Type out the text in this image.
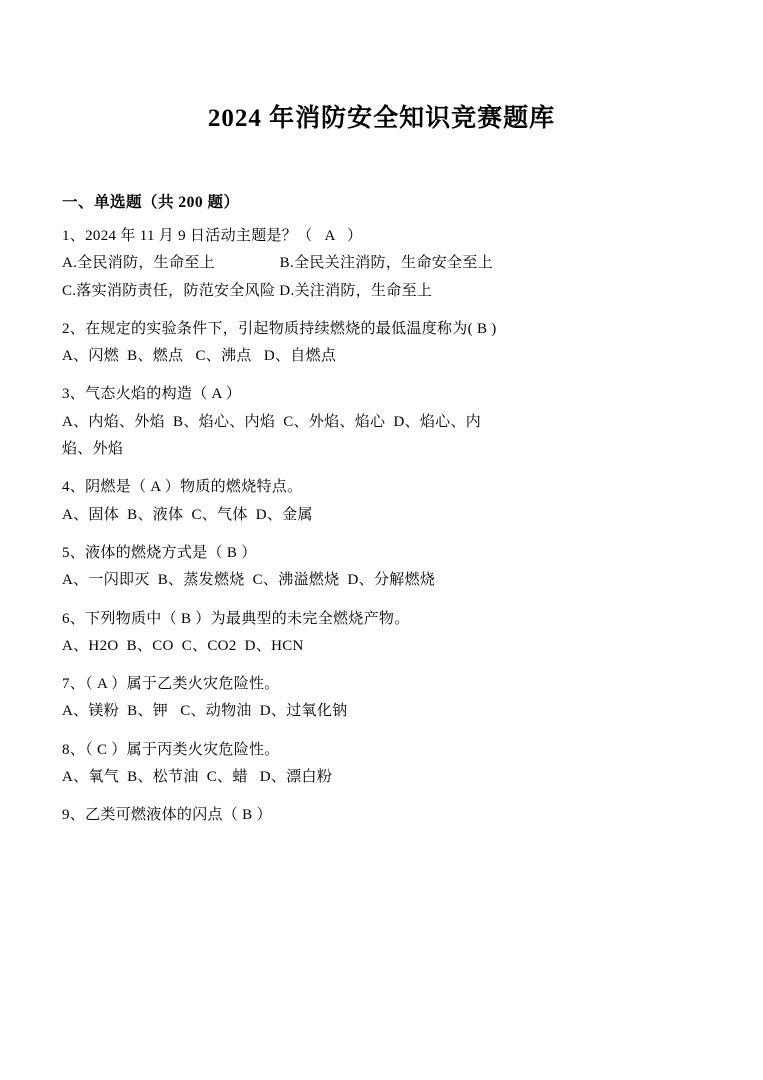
2024 年消防安全知识竞赛题库
一、单选题（共 200 题）
1、2024 年 11 月 9 日活动主题是？（   A   ）
A.全民消防，生命至上                B.全民关注消防，生命安全至上
C.落实消防责任，防范安全风险 D.关注消防，生命至上
2、在规定的实验条件下，引起物质持续燃烧的最低温度称为( B )
A、闪燃  B、燃点   C、沸点   D、自燃点
3、气态火焰的构造（ A ）
A、内焰、外焰  B、焰心、内焰  C、外焰、焰心  D、焰心、内
焰、外焰
4、阴燃是（ A ）物质的燃烧特点。
A、固体  B、液体  C、气体  D、金属
5、液体的燃烧方式是（ B ）
A、一闪即灭  B、蒸发燃烧  C、沸溢燃烧  D、分解燃烧
6、下列物质中（ B ）为最典型的未完全燃烧产物。
A、H2O  B、CO  C、CO2  D、HCN
7、（ A ）属于乙类火灾危险性。
A、镁粉  B、钾   C、动物油  D、过氧化钠
8、（ C ）属于丙类火灾危险性。
A、氧气  B、松节油  C、蜡   D、漂白粉
9、乙类可燃液体的闪点（ B ）
